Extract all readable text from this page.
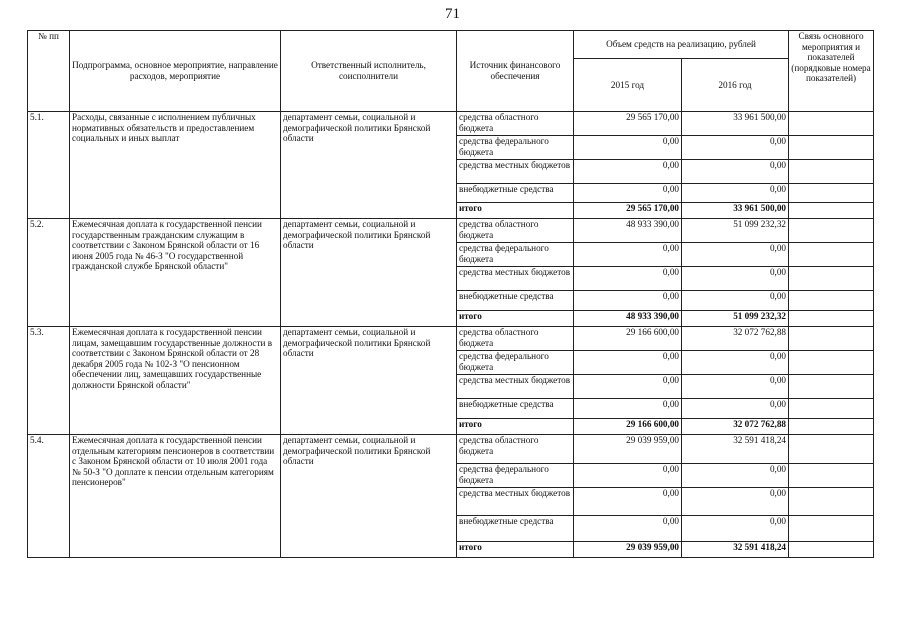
71
№ пп	Подпрограмма, основное мероприятие, направление расходов, мероприятие	Ответственный исполнитель, соисполнители	Источник финансового обеспечения	Объем средств на реализацию, рублей		Связь основного мероприятия и показателей (порядковые номера показателей)
				2015 год	2016 год	
5.1.	Расходы, связанные с исполнением публичных нормативных обязательств и предоставлением социальных и иных выплат	департамент семьи, социальной и демографической политики Брянской области	средства областного бюджета	29 565 170,00	33 961 500,00	
			средства федерального бюджета	0,00	0,00	
			средства местных бюджетов	0,00	0,00	
			внебюджетные средства	0,00	0,00	
			итого	29 565 170,00	33 961 500,00	
5.2.	Ежемесячная доплата к государственной пенсии государственным гражданским служащим в соответствии с Законом Брянской области от 16 июня 2005 года № 46-З "О государственной гражданской службе Брянской области"	департамент семьи, социальной и демографической политики Брянской области	средства областного бюджета	48 933 390,00	51 099 232,32	
			средства федерального бюджета	0,00	0,00	
			средства местных бюджетов	0,00	0,00	
			внебюджетные средства	0,00	0,00	
			итого	48 933 390,00	51 099 232,32	
5.3.	Ежемесячная доплата к государственной пенсии лицам, замещавшим государственные должности в соответствии с Законом Брянской области от 28 декабря 2005 года № 102-З "О пенсионном обеспечении лиц, замещавших государственные должности Брянской области"	департамент семьи, социальной и демографической политики Брянской области	средства областного бюджета	29 166 600,00	32 072 762,88	
			средства федерального бюджета	0,00	0,00	
			средства местных бюджетов	0,00	0,00	
			внебюджетные средства	0,00	0,00	
			итого	29 166 600,00	32 072 762,88	
5.4.	Ежемесячная доплата к государственной пенсии отдельным категориям пенсионеров в соответствии с Законом Брянской области от 10 июля 2001 года № 50-З "О доплате к пенсии отдельным категориям пенсионеров"	департамент семьи, социальной и демографической политики Брянской области	средства областного бюджета	29 039 959,00	32 591 418,24	
			средства федерального бюджета	0,00	0,00	
			средства местных бюджетов	0,00	0,00	
			внебюджетные средства	0,00	0,00	
			итого	29 039 959,00	32 591 418,24	
